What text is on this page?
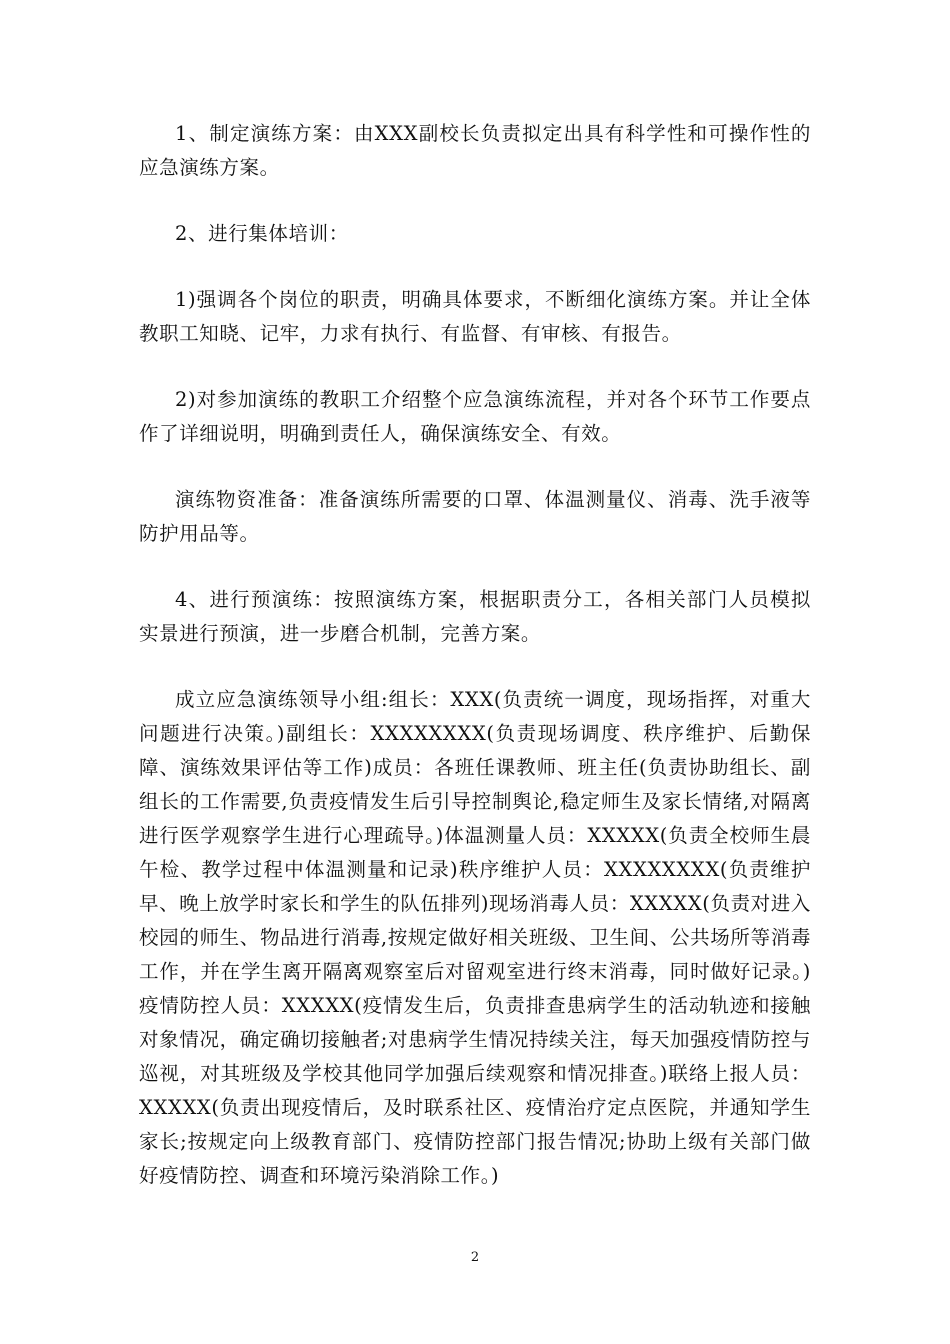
1、制定演练方案：由XXX副校长负责拟定出具有科学性和可操作性的应急演练方案。

2、进行集体培训：

1)强调各个岗位的职责，明确具体要求，不断细化演练方案。并让全体教职工知晓、记牢，力求有执行、有监督、有审核、有报告。

2)对参加演练的教职工介绍整个应急演练流程，并对各个环节工作要点作了详细说明，明确到责任人，确保演练安全、有效。

演练物资准备：准备演练所需要的口罩、体温测量仪、消毒、洗手液等防护用品等。

4、进行预演练：按照演练方案，根据职责分工，各相关部门人员模拟实景进行预演，进一步磨合机制，完善方案。

成立应急演练领导小组:组长：XXX(负责统一调度，现场指挥，对重大问题进行决策。)副组长：XXXXXXXX(负责现场调度、秩序维护、后勤保障、演练效果评估等工作)成员：各班任课教师、班主任(负责协助组长、副组长的工作需要,负责疫情发生后引导控制舆论,稳定师生及家长情绪,对隔离进行医学观察学生进行心理疏导。)体温测量人员：XXXXX(负责全校师生晨午检、教学过程中体温测量和记录)秩序维护人员：XXXXXXXX(负责维护早、晚上放学时家长和学生的队伍排列)现场消毒人员：XXXXX(负责对进入校园的师生、物品进行消毒,按规定做好相关班级、卫生间、公共场所等消毒工作，并在学生离开隔离观察室后对留观室进行终末消毒，同时做好记录。)疫情防控人员：XXXXX(疫情发生后，负责排查患病学生的活动轨迹和接触对象情况，确定确切接触者;对患病学生情况持续关注，每天加强疫情防控与巡视，对其班级及学校其他同学加强后续观察和情况排查。)联络上报人员：XXXXX(负责出现疫情后，及时联系社区、疫情治疗定点医院，并通知学生家长;按规定向上级教育部门、疫情防控部门报告情况;协助上级有关部门做好疫情防控、调查和环境污染消除工作。)

2
